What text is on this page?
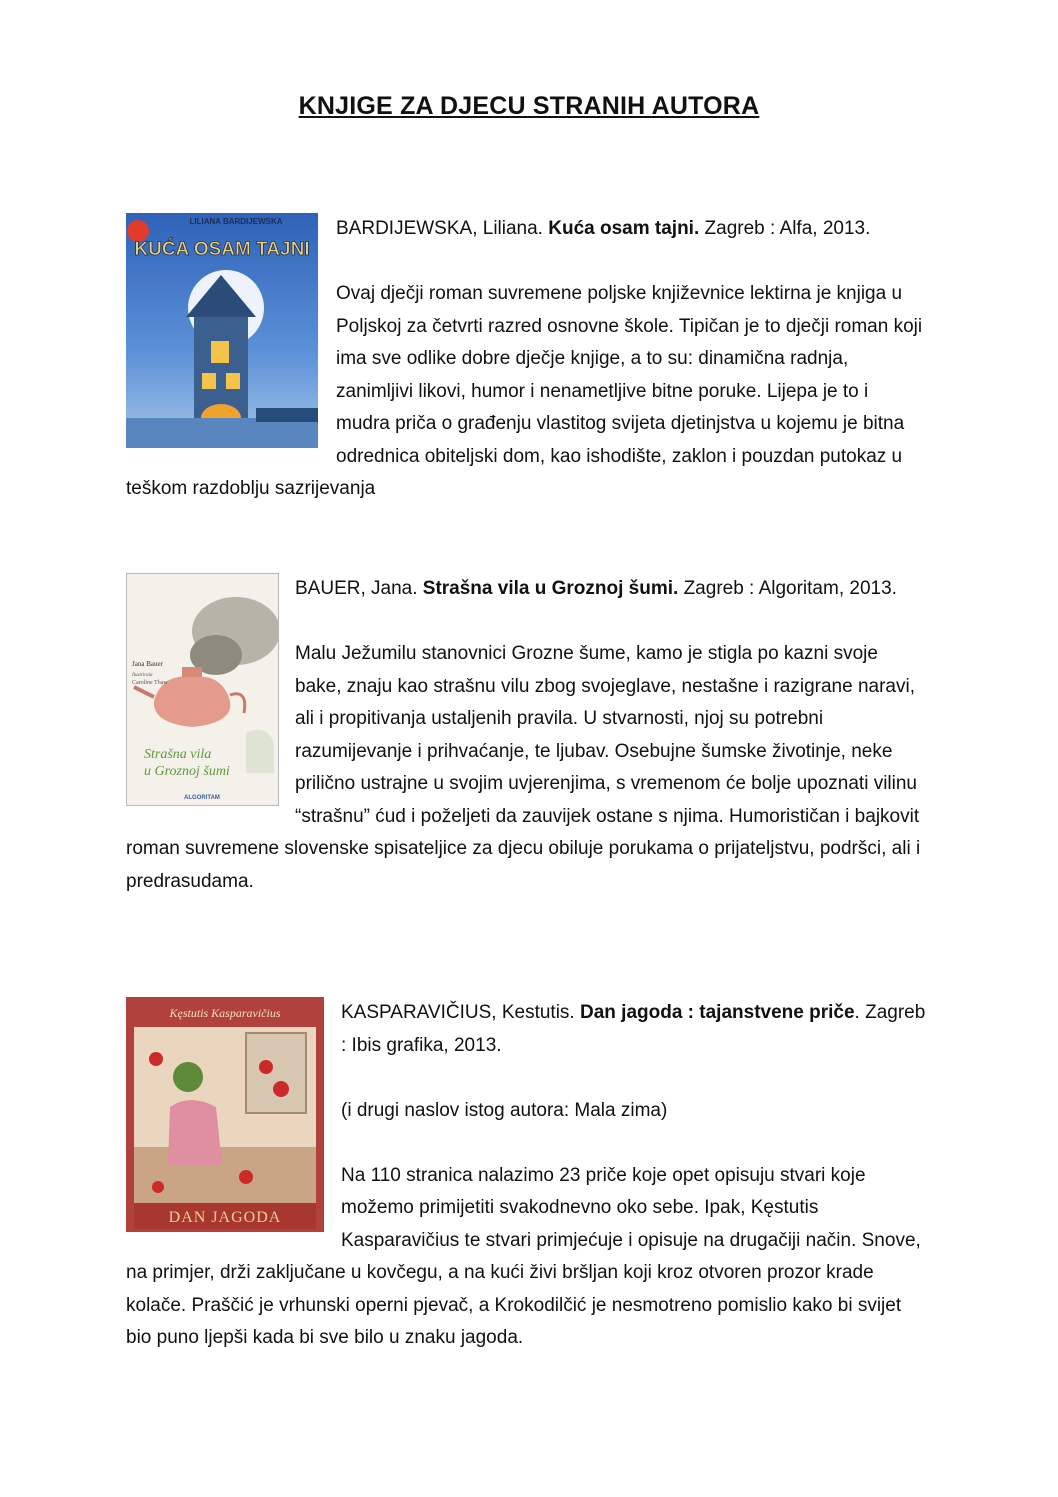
KNJIGE ZA DJECU STRANIH AUTORA
LILIANA BARDIJEWSKA
KUĆA OSAM TAJNI

BARDIJEWSKA, Liliana. Kuća osam tajni. Zagreb : Alfa, 2013.

Ovaj dječji roman suvremene poljske književnice lektirna je knjiga u Poljskoj za četvrti razred osnovne škole. Tipičan je to dječji roman koji ima sve odlike dobre dječje knjige, a to su: dinamična radnja, zanimljivi likovi, humor i nenametljive bitne poruke. Lijepa je to i mudra priča o građenju vlastitog svijeta djetinjstva u kojemu je bitna odrednica obiteljski dom, kao ishodište, zaklon i pouzdan putokaz u teškom razdoblju sazrijevanja

Jana Bauer
Ilustrirala
Caroline Thaw
Strašna vila
u Groznoj šumi
ALGORITAM

BAUER, Jana. Strašna vila u Groznoj šumi. Zagreb : Algoritam, 2013.

Malu Ježumilu stanovnici Grozne šume, kamo je stigla po kazni svoje bake, znaju kao strašnu vilu zbog svojeglave, nestašne i razigrane naravi, ali i propitivanja ustaljenih pravila. U stvarnosti, njoj su potrebni razumijevanje i prihvaćanje, te ljubav. Osebujne šumske životinje, neke prilično ustrajne u svojim uvjerenjima, s vremenom će bolje upoznati vilinu “strašnu” ćud i poželjeti da zauvijek ostane s njima. Humorističan i bajkovit roman suvremene slovenske spisateljice za djecu obiluje porukama o prijateljstvu, podršci, ali i predrasudama.

Kęstutis Kasparavičius
DAN JAGODA

KASPARAVIČIUS, Kestutis. Dan jagoda : tajanstvene priče. Zagreb : Ibis grafika, 2013.

(i drugi naslov istog autora: Mala zima)

Na 110 stranica nalazimo 23 priče koje opet opisuju stvari koje možemo primijetiti svakodnevno oko sebe. Ipak, Kęstutis Kasparavičius te stvari primjećuje i opisuje na drugačiji način. Snove, na primjer, drži zaključane u kovčegu, a na kući živi bršljan koji kroz otvoren prozor krade kolače. Praščić je vrhunski operni pjevač, a Krokodilčić je nesmotreno pomislio kako bi svijet bio puno ljepši kada bi sve bilo u znaku jagoda.
